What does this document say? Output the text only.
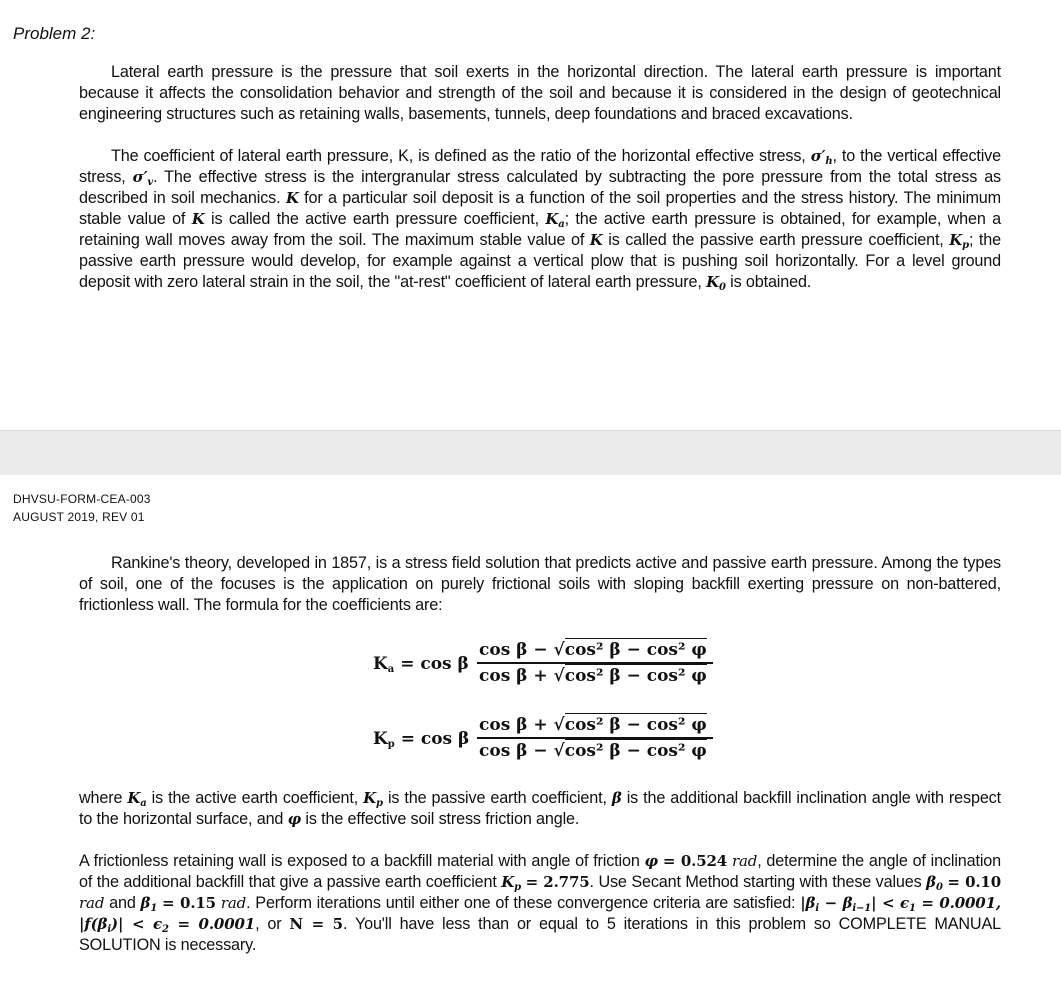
Problem 2:
Lateral earth pressure is the pressure that soil exerts in the horizontal direction. The lateral earth pressure is important because it affects the consolidation behavior and strength of the soil and because it is considered in the design of geotechnical engineering structures such as retaining walls, basements, tunnels, deep foundations and braced excavations.
The coefficient of lateral earth pressure, K, is defined as the ratio of the horizontal effective stress, $\sigma'_h$, to the vertical effective stress, $\sigma'_v$. The effective stress is the intergranular stress calculated by subtracting the pore pressure from the total stress as described in soil mechanics. K for a particular soil deposit is a function of the soil properties and the stress history. The minimum stable value of K is called the active earth pressure coefficient, $K_a$; the active earth pressure is obtained, for example, when a retaining wall moves away from the soil. The maximum stable value of K is called the passive earth pressure coefficient, $K_p$; the passive earth pressure would develop, for example against a vertical plow that is pushing soil horizontally. For a level ground deposit with zero lateral strain in the soil, the "at-rest" coefficient of lateral earth pressure, $K_0$ is obtained.
DHVSU-FORM-CEA-003
AUGUST 2019, REV 01
Rankine's theory, developed in 1857, is a stress field solution that predicts active and passive earth pressure. Among the types of soil, one of the focuses is the application on purely frictional soils with sloping backfill exerting pressure on non-battered, frictionless wall. The formula for the coefficients are:
$K_a = \cos \beta$
cos β − √cos² β − cos² φ
cos β + √cos² β − cos² φ
$K_p = \cos \beta$
cos β + √cos² β − cos² φ
cos β − √cos² β − cos² φ
where $K_a$ is the active earth coefficient, $K_p$ is the passive earth coefficient, β is the additional backfill inclination angle with respect to the horizontal surface, and φ is the effective soil stress friction angle.
A frictionless retaining wall is exposed to a backfill material with angle of friction φ = 0.524 rad, determine the angle of inclination of the additional backfill that give a passive earth coefficient $K_p = 2.775$. Use Secant Method starting with these values $\beta_0 = 0.10$ rad and $\beta_1 = 0.15$ rad. Perform iterations until either one of these convergence criteria are satisfied: $|\beta_i - \beta_{i-1}| < \epsilon_1 = 0.0001$, $|f(\beta_i)| < \epsilon_2 = 0.0001$, or N = 5. You'll have less than or equal to 5 iterations in this problem so COMPLETE MANUAL SOLUTION is necessary.
